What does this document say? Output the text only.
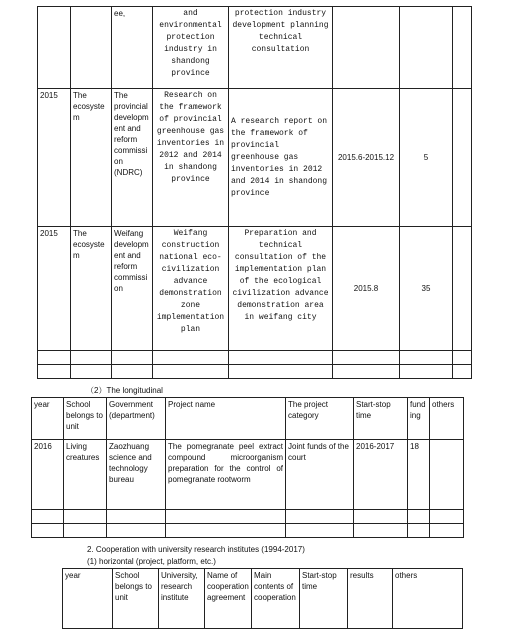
		ee,	and environmental protection industry in shandong province	protection industry development planning technical consultation			
2015	The ecosystem	The provincial development and reform commission (NDRC)	Research on the framework of provincial greenhouse gas inventories in 2012 and 2014 in shandong province	A research report on the framework of provincial greenhouse gas inventories in 2012 and 2014 in shandong province	2015.6-2015.12	5	
2015	The ecosystem	Weifang development and reform commission	Weifang construction national eco-civilization advance demonstration zone implementation plan	Preparation and technical consultation of the implementation plan of the ecological civilization advance demonstration area in weifang city	2015.8	35	

（2）The longitudinal
year	School belongs to unit	Government (department)	Project name	The project category	Start-stop time	funding	others
2016	Living creatures	Zaozhuang science and technology bureau	The pomegranate peel extract compound microorganism preparation for the control of pomegranate rootworm	Joint funds of the court	2016-2017	18	

2. Cooperation with university research institutes (1994-2017)
(1) horizontal (project, platform, etc.)
year	School belongs to unit	University, research institute	Name of cooperation agreement	Main contents of cooperation	Start-stop time	results	others
